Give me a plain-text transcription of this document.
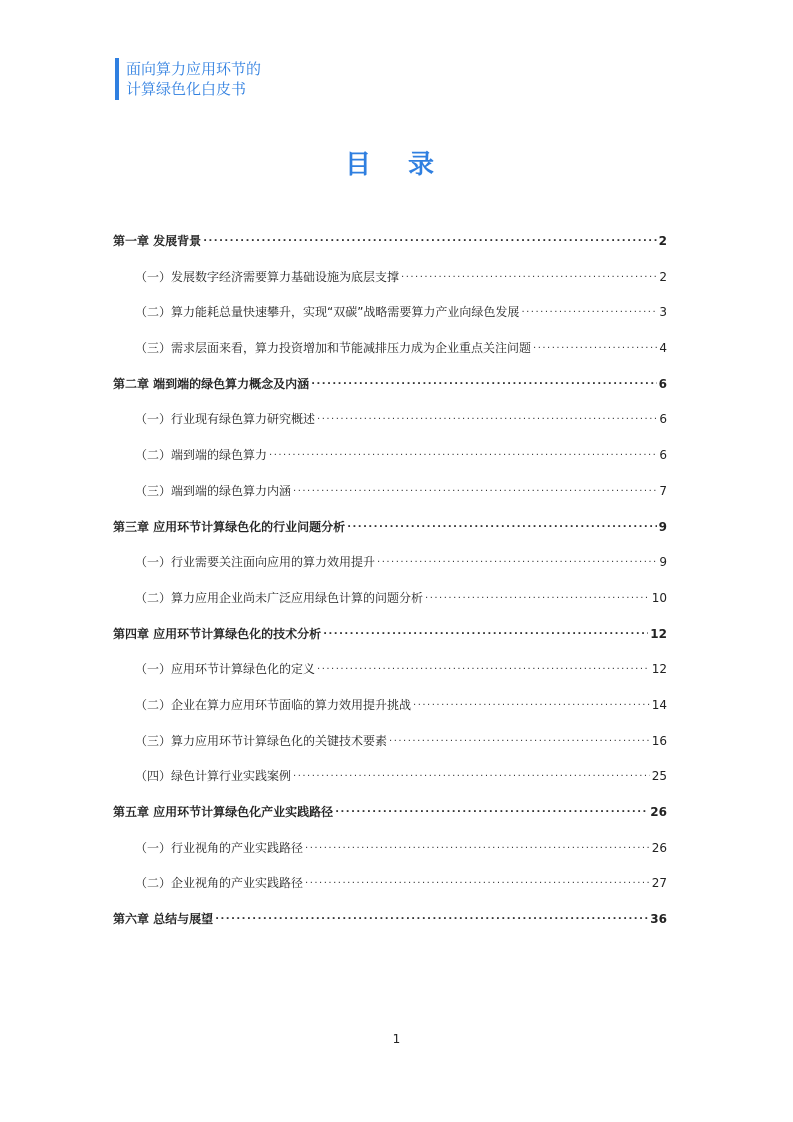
面向算力应用环节的
计算绿色化白皮书
目 录
第一章 发展背景 .....	2
（一）发展数字经济需要算力基础设施为底层支撑 .....	2
（二）算力能耗总量快速攀升，实现“双碳”战略需要算力产业向绿色发展 .....	3
（三）需求层面来看，算力投资增加和节能减排压力成为企业重点关注问题 .....	4
第二章 端到端的绿色算力概念及内涵 .....	6
（一）行业现有绿色算力研究概述 .....	6
（二）端到端的绿色算力 .....	6
（三）端到端的绿色算力内涵 .....	7
第三章 应用环节计算绿色化的行业问题分析 .....	9
（一）行业需要关注面向应用的算力效用提升 .....	9
（二）算力应用企业尚未广泛应用绿色计算的问题分析 .....	10
第四章 应用环节计算绿色化的技术分析 .....	12
（一）应用环节计算绿色化的定义 .....	12
（二）企业在算力应用环节面临的算力效用提升挑战 .....	14
（三）算力应用环节计算绿色化的关键技术要素 .....	16
（四）绿色计算行业实践案例 .....	25
第五章 应用环节计算绿色化产业实践路径 .....	26
（一）行业视角的产业实践路径 .....	26
（二）企业视角的产业实践路径 .....	27
第六章 总结与展望 .....	36
1
